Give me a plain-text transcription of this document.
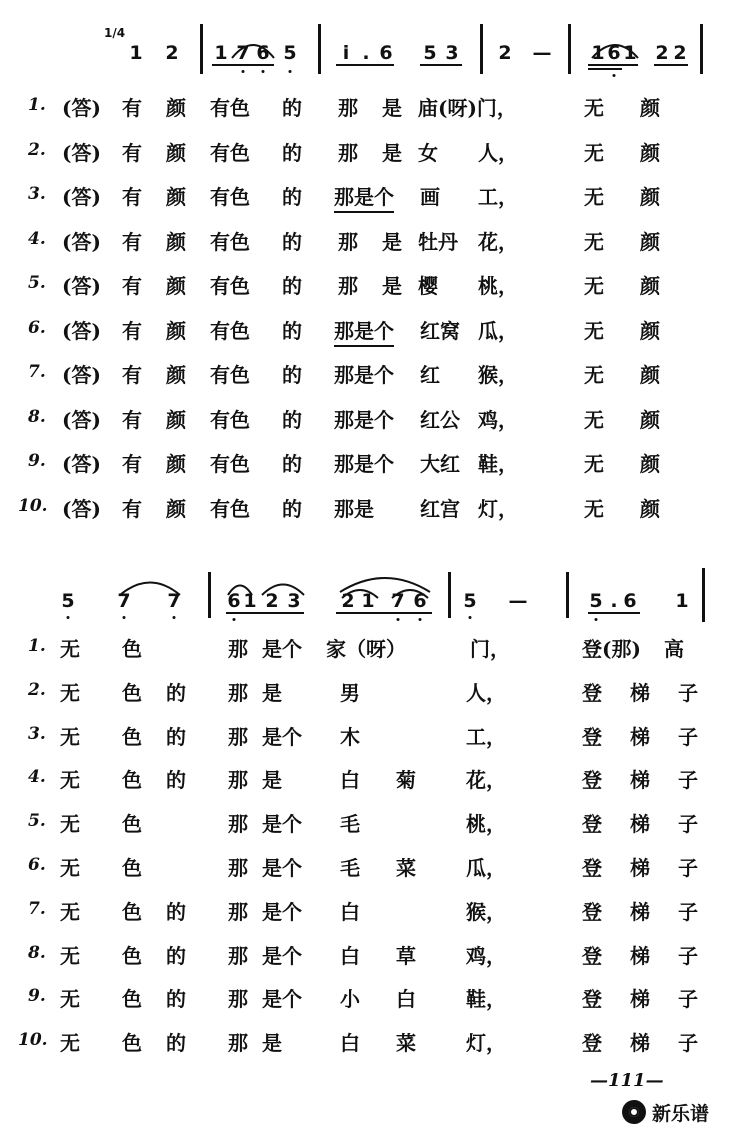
1/4
1 2 1 7 6 5 i . 6 5 3 2 — 1 6 1 2 2
1. (答) 有 颜 有色 的 那 是 庙(呀)门，	无 颜
2. (答) 有 颜 有色 的 那 是 女 人，	无 颜
3. (答) 有 颜 有色 的 那是个 画 工，	无 颜
4. (答) 有 颜 有色 的 那 是 牡丹 花，	无 颜
5. (答) 有 颜 有色 的 那 是 樱 桃，	无 颜
6. (答) 有 颜 有色 的 那是个 红窝 瓜，	无 颜
7. (答) 有 颜 有色 的 那是个 红 猴，	无 颜
8. (答) 有 颜 有色 的 那是个 红公 鸡，	无 颜
9. (答) 有 颜 有色 的 那是个 大红 鞋，	无 颜
10. (答) 有 颜 有色 的 那是 红宫 灯，	无 颜
5 7 7 6 1 2 3 2 1 7 6 5 —	5 . 6 1
1. 无 色	那 是个 家（呀）	门，	登(那) 高
2. 无 色 的 那 是	男	人，	登 梯 子
3. 无 色 的 那 是个 木	工，	登 梯 子
4. 无 色 的 那 是	白 菊	花，	登 梯 子
5. 无 色	那 是个 毛	桃，	登 梯 子
6. 无 色	那 是个 毛 菜	瓜，	登 梯 子
7. 无 色 的 那 是个 白	猴，	登 梯 子
8. 无 色 的 那 是个 白 草	鸡，	登 梯 子
9. 无 色 的 那 是个 小 白	鞋，	登 梯 子
10. 无 色 的 那 是	白 菜	灯，	登 梯 子
—111—
新乐谱
